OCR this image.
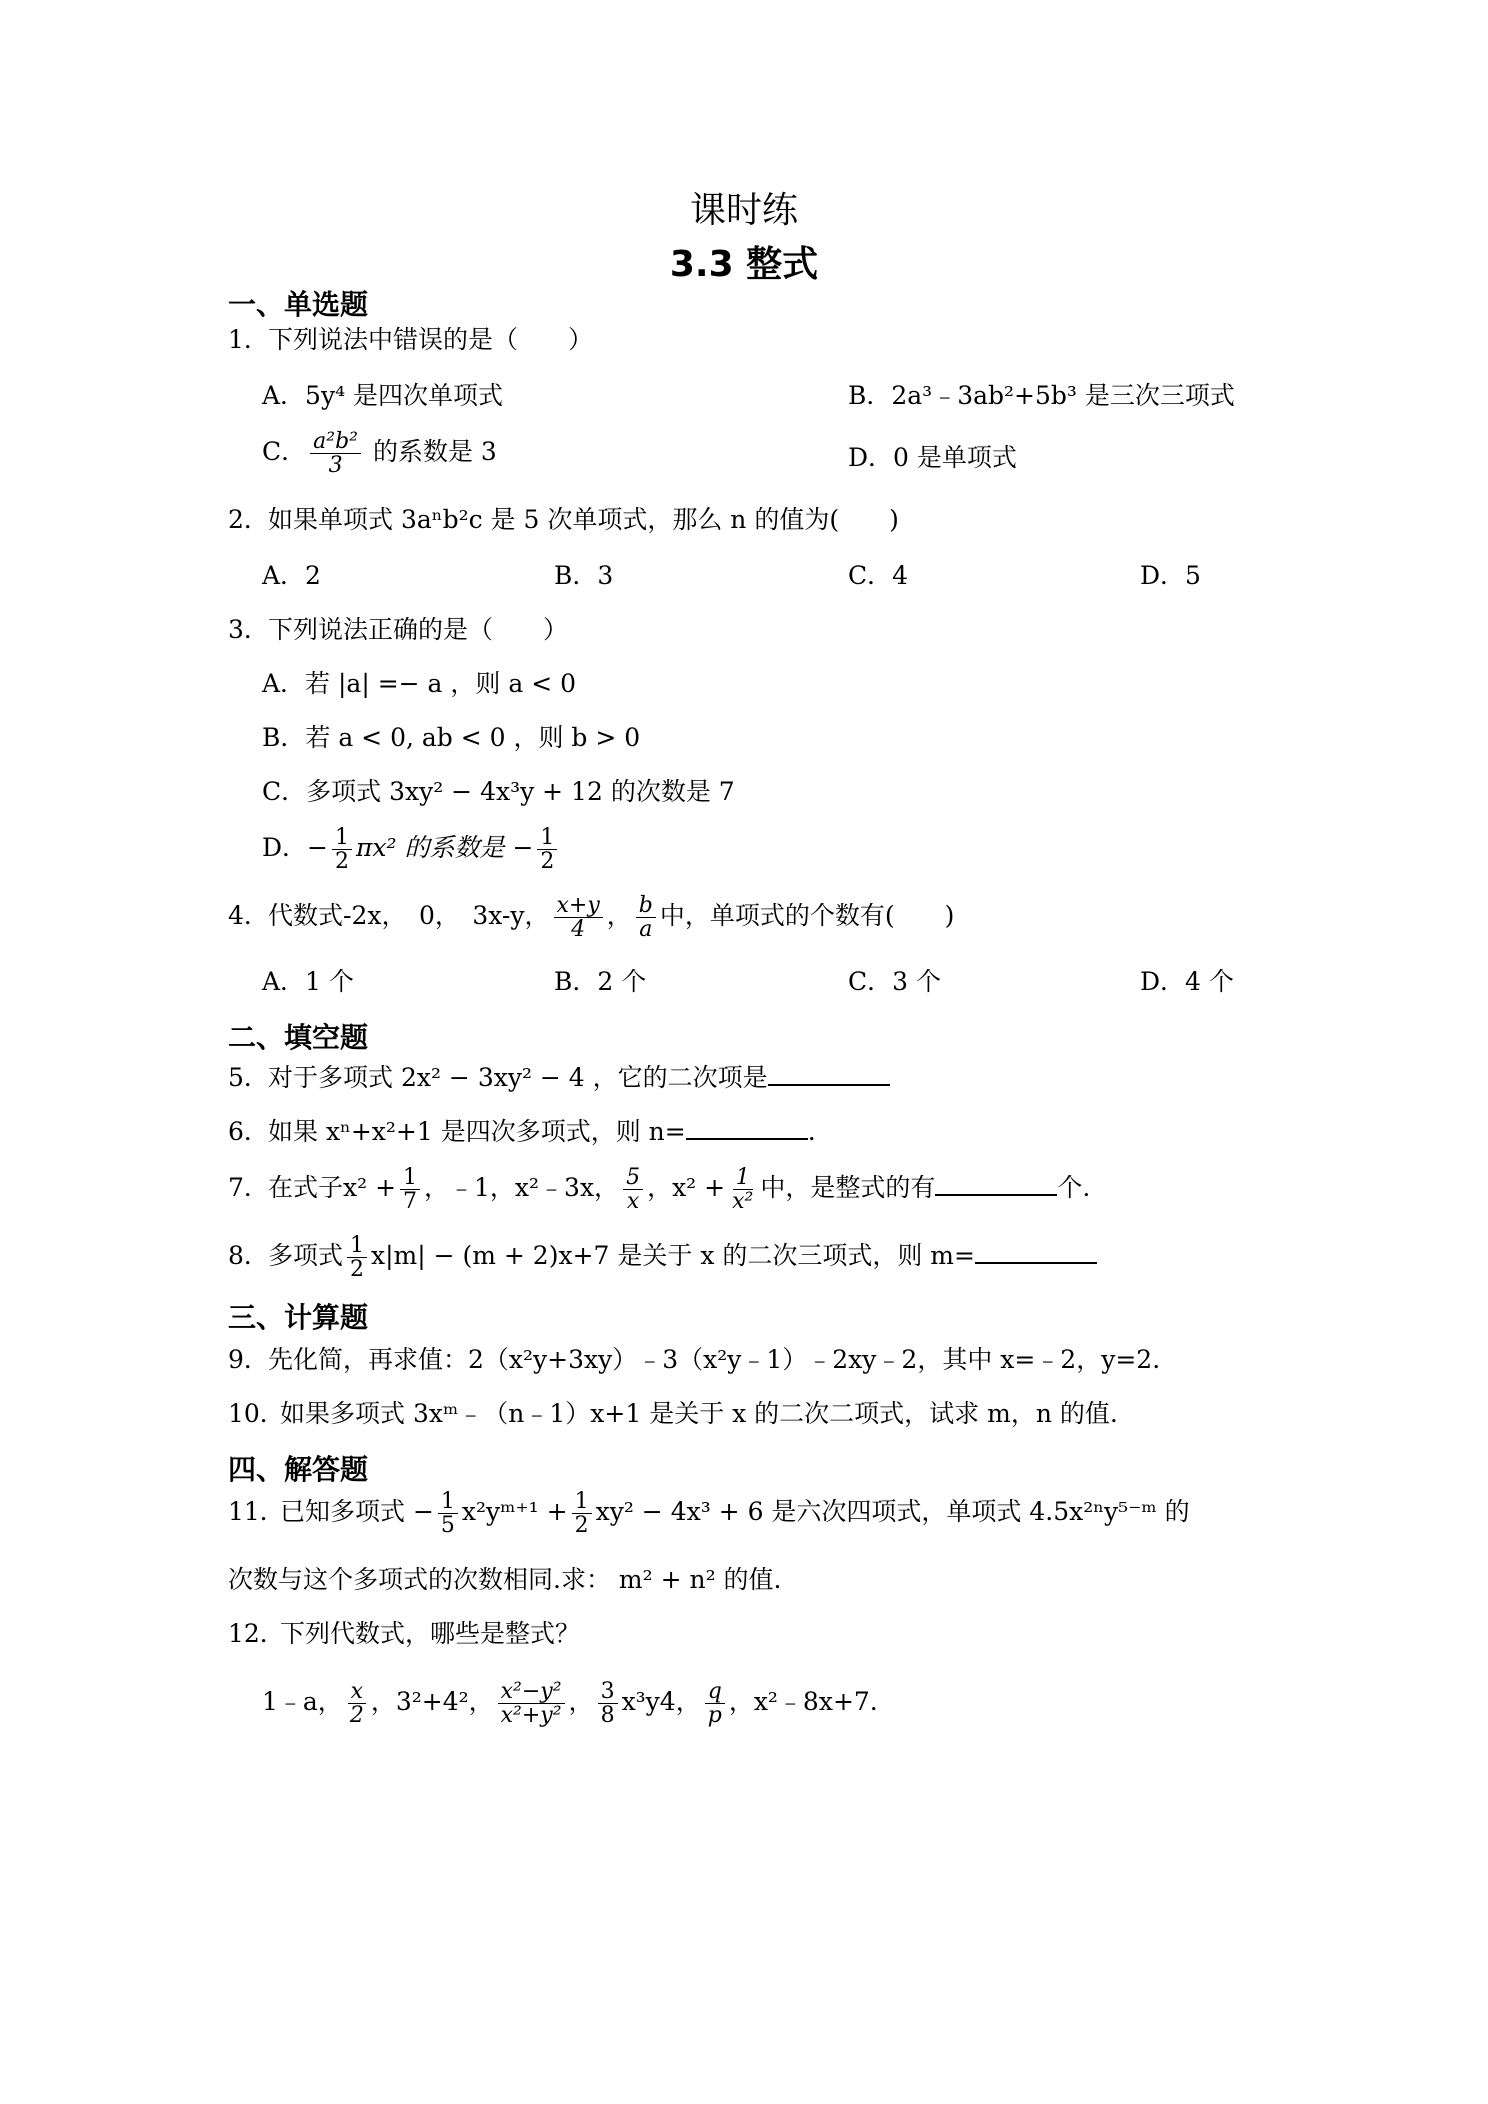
课时练
3.3 整式
一、单选题
1．下列说法中错误的是（　　）
A．5y⁴ 是四次单项式	B．2a³﹣3ab²+5b³ 是三次三项式
C． $\frac{\text{a²b²}}{3}$ 的系数是 3	D．0 是单项式
2．如果单项式 3aⁿb²c 是 5 次单项式，那么 n 的值为(　　)
A．2	B．3	C．4	D．5
3．下列说法正确的是（　　）
A．若 |a| =− a ，则 a < 0
B．若 a < 0, ab < 0 ，则 b > 0
C．多项式 3xy² − 4x³y + 12 的次数是 7
D．− $\frac{1}{2} \pi x^2$ 的系数是 − $\frac{1}{2}$
4．代数式-2x，　0，　3x-y， $\frac{x+y}{4}$ ， $\frac{b}{a}$ 中，单项式的个数有(　　)
A．1 个	B．2 个	C．3 个	D．4 个
二、填空题
5．对于多项式 2x² − 3xy² − 4 ，它的二次项是
6．如果 xⁿ+x²+1 是四次多项式，则 n=	.
7．在式子$x^2 + \frac{1}{7}$ ，﹣1，x²﹣3x， $\frac{5}{x}$ ，$x^2 + \frac{1}{\text{x²}}$ 中，是整式的有	个.
8．多项式 $\frac{1}{2} x|m| - (m + 2)x+7$ 是关于 x 的二次三项式，则 m=
三、计算题
9．先化简，再求值：2（x²y+3xy）﹣3（x²y﹣1）﹣2xy﹣2，其中 x=﹣2，y=2.
10．如果多项式 3xᵐ﹣（n﹣1）x+1 是关于 x 的二次二项式，试求 m，n 的值.
四、解答题
11．已知多项式 − $\frac{1}{5}$ x²yᵐ⁺¹ + $\frac{1}{2} xy^2 - 4x^3 + 6$ 是六次四项式，单项式 4.5x²ⁿy⁵⁻ᵐ 的
次数与这个多项式的次数相同.求： m² + n² 的值.
12．下列代数式，哪些是整式？
1﹣a， $\frac{x}{2}$ ，3²+4²， $\frac{\text{x²−y²}}{\text{x²+y²}}$ ， $\frac{3}{8} x^3y4$， $\frac{q}{p}$ ，x²﹣8x+7.
